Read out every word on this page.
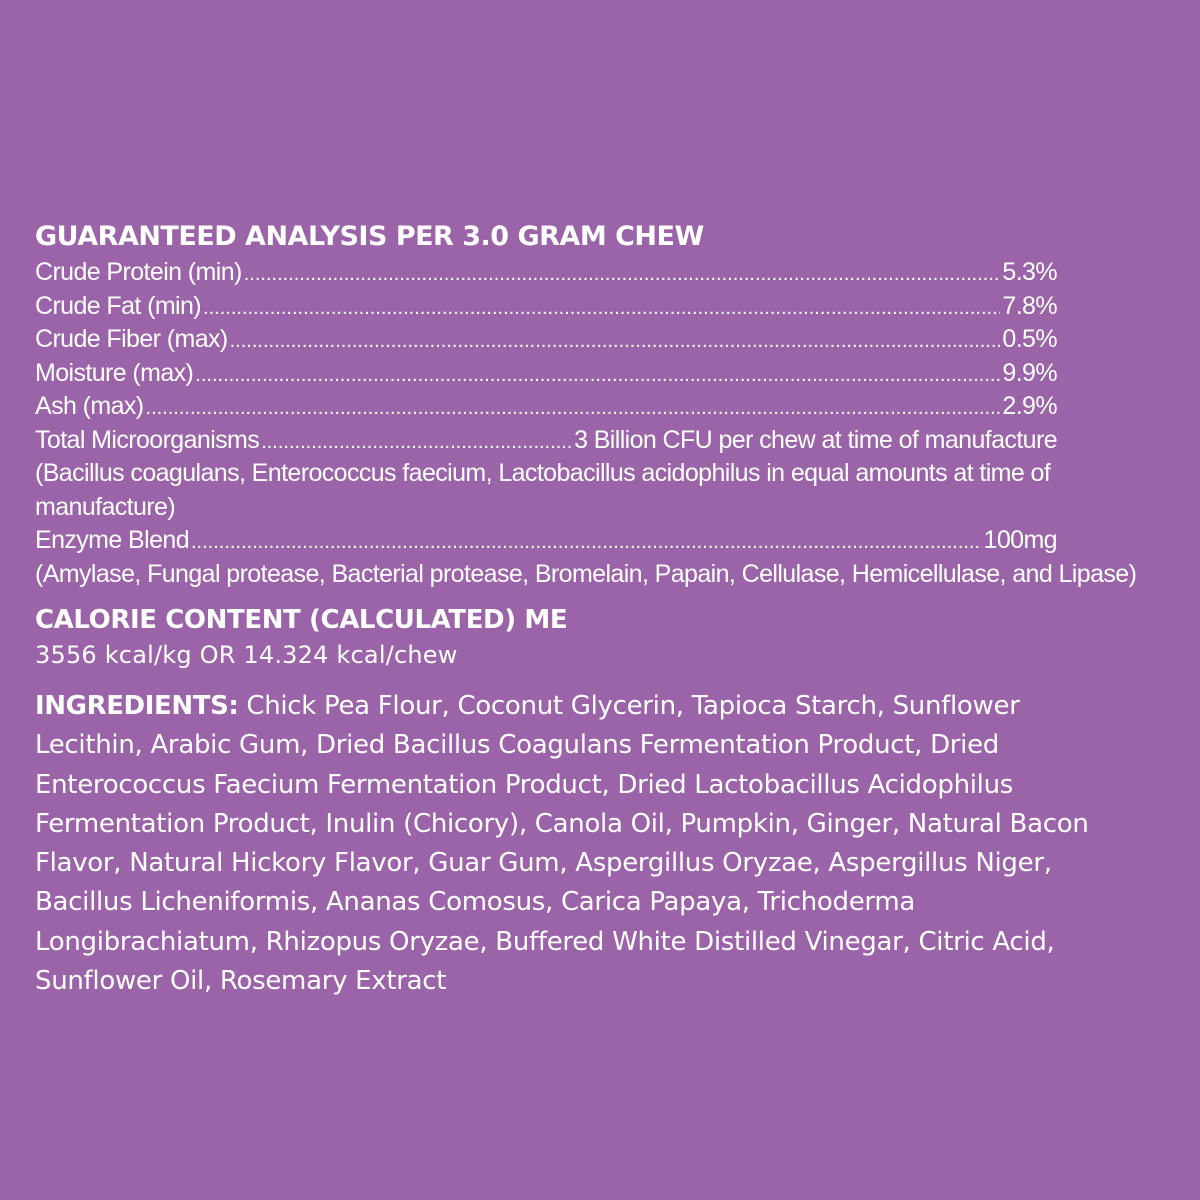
GUARANTEED ANALYSIS PER 3.0 GRAM CHEW
Crude Protein (min) .....	5.3%
Crude Fat (min) .....	7.8%
Crude Fiber (max) .....	0.5%
Moisture (max) .....	9.9%
Ash (max) .....	2.9%
Total Microorganisms .....	3 Billion CFU per chew at time of manufacture
(Bacillus coagulans, Enterococcus faecium, Lactobacillus acidophilus in equal amounts at time of manufacture)
Enzyme Blend .....	100mg
(Amylase, Fungal protease, Bacterial protease, Bromelain, Papain, Cellulase, Hemicellulase, and Lipase)
CALORIE CONTENT (CALCULATED) ME
3556 kcal/kg OR 14.324 kcal/chew
INGREDIENTS: Chick Pea Flour, Coconut Glycerin, Tapioca Starch, Sunflower Lecithin, Arabic Gum, Dried Bacillus Coagulans Fermentation Product, Dried Enterococcus Faecium Fermentation Product, Dried Lactobacillus Acidophilus Fermentation Product, Inulin (Chicory), Canola Oil, Pumpkin, Ginger, Natural Bacon Flavor, Natural Hickory Flavor, Guar Gum, Aspergillus Oryzae, Aspergillus Niger, Bacillus Licheniformis, Ananas Comosus, Carica Papaya, Trichoderma Longibrachiatum, Rhizopus Oryzae, Buffered White Distilled Vinegar, Citric Acid, Sunflower Oil, Rosemary Extract
